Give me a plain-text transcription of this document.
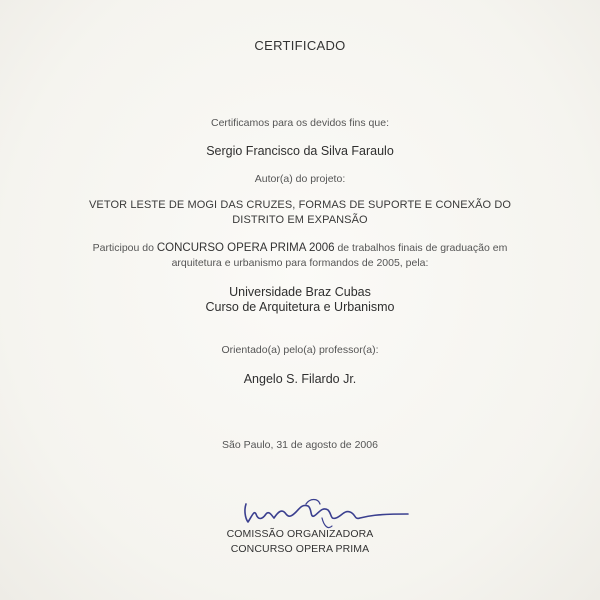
CERTIFICADO
Certificamos para os devidos fins que:
Sergio Francisco da Silva Faraulo
Autor(a) do projeto:
VETOR LESTE DE MOGI DAS CRUZES, FORMAS DE SUPORTE E CONEXÃO DO
DISTRITO EM EXPANSÃO
Participou do CONCURSO OPERA PRIMA 2006 de trabalhos finais de graduação em
arquitetura e urbanismo para formandos de 2005, pela:
Universidade Braz Cubas
Curso de Arquitetura e Urbanismo
Orientado(a) pelo(a) professor(a):
Angelo S. Filardo Jr.
São Paulo, 31 de agosto de 2006
COMISSÃO ORGANIZADORA
CONCURSO OPERA PRIMA
